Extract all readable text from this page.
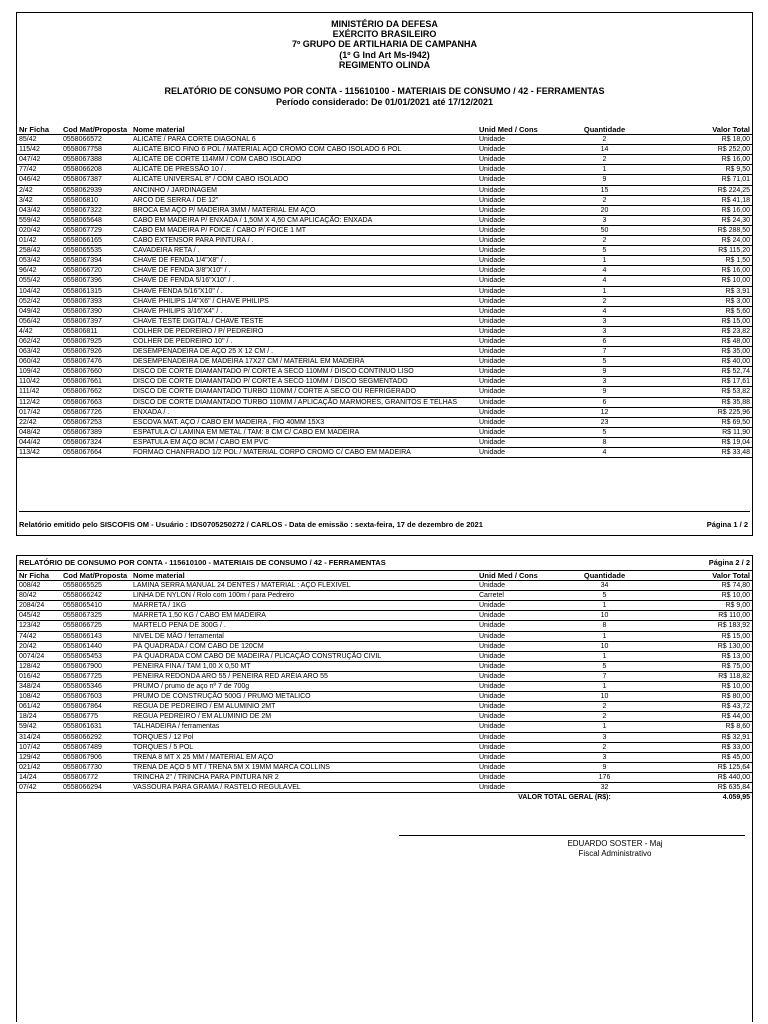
MINISTÉRIO DA DEFESA
EXÉRCITO BRASILEIRO
7º GRUPO DE ARTILHARIA DE CAMPANHA
(1º G Ind Art Ms-I942)
REGIMENTO OLINDA
RELATÓRIO DE CONSUMO POR CONTA - 115610100 - MATERIAIS DE CONSUMO / 42 - FERRAMENTAS
Período considerado: De 01/01/2021 até 17/12/2021
Nr Ficha	Cod Mat/Proposta	Nome material	Unid Med / Cons	Quantidade	Valor Total
85/42	0558066572	ALICATE / PARA CORTE DIAGONAL 6	Unidade	2	R$ 18,00
115/42	0558067758	ALICATE BICO FINO 6 POL / MATERIAL AÇO CROMO COM CABO ISOLADO 6 POL	Unidade	14	R$ 252,00
047/42	0558067388	ALICATE DE CORTE 114MM / COM CABO ISOLADO	Unidade	2	R$ 16,00
77/42	0558066208	ALICATE DE PRESSÃO 10 / .	Unidade	1	R$ 9,50
046/42	0558067387	ALICATE UNIVERSAL 8" / COM CABO ISOLADO	Unidade	9	R$ 71,01
2/42	0558062939	ANCINHO / JARDINAGEM	Unidade	15	R$ 224,25
3/42	055806810	ARCO DE SERRA / DE 12"	Unidade	2	R$ 41,18
043/42	0558067322	BROCA EM AÇO P/ MADEIRA 3MM / MATERIAL EM AÇO	Unidade	20	R$ 16,00
559/42	0558065648	CABO EM MADEIRA P/ ENXADA / 1,50M X 4,50 CM APLICAÇÃO: ENXADA	Unidade	3	R$ 24,30
020/42	0558067729	CABO EM MADEIRA P/ FOICE / CABO P/ FOICE 1 MT	Unidade	50	R$ 288,50
01/42	0558066165	CABO EXTENSOR PARA PINTURA / .	Unidade	2	R$ 24,00
258/42	0558065535	CAVADEIRA RETA / .	Unidade	5	R$ 115,20
053/42	0558067394	CHAVE DE FENDA 1/4"X8" / .	Unidade	1	R$ 1,50
96/42	0558066720	CHAVE DE FENDA 3/8"X10" / .	Unidade	4	R$ 16,00
055/42	0558067396	CHAVE DE FENDA 5/16"X10" / .	Unidade	4	R$ 10,00
104/42	0558061315	CHAVE FENDA 5/16"X10" / .	Unidade	1	R$ 3,91
052/42	0558067393	CHAVE PHILIPS 1/4"X6" / CHAVE PHILIPS	Unidade	2	R$ 3,00
049/42	0558067390	CHAVE PHILIPS 3/16"X4" / .	Unidade	4	R$ 5,60
056/42	0558067397	CHAVE TESTE DIGITAL / CHAVE TESTE	Unidade	3	R$ 15,00
4/42	055806811	COLHER DE PEDREIRO / P/ PEDREIRO	Unidade	3	R$ 23,82
062/42	0558067925	COLHER DE PEDREIRO 10" / .	Unidade	6	R$ 48,00
063/42	0558067926	DESEMPENADEIRA DE AÇO 25 X 12 CM / .	Unidade	7	R$ 35,00
060/42	0558067476	DESEMPENADEIRA DE MADEIRA 17X27 CM / MATERIAL EM MADEIRA	Unidade	5	R$ 40,00
109/42	0558067660	DISCO DE CORTE DIAMANTADO P/ CORTE A SECO 110MM / DISCO CONTINUO LISO	Unidade	9	R$ 52,74
110/42	0558067661	DISCO DE CORTE DIAMANTADO P/ CORTE A SECO 110MM / DISCO SEGMENTADO	Unidade	3	R$ 17,61
111/42	0558067662	DISCO DE CORTE DIAMANTADO TURBO 110MM / CORTE A SECO OU REFRIGERADO	Unidade	9	R$ 53,82
112/42	0558067663	DISCO DE CORTE DIAMANTADO TURBO 110MM / APLICAÇÃO MARMORES, GRANITOS E TELHAS	Unidade	6	R$ 35,88
017/42	0558067726	ENXADA / .	Unidade	12	R$ 225,96
22/42	0558067253	ESCOVA MAT. AÇO / CABO EM MADEIRA , FIO 40MM 15X3	Unidade	23	R$ 69,50
048/42	0558067389	ESPATULA C/ LAMINA EM METAL / TAM: 8 CM C/ CABO EM MADEIRA	Unidade	5	R$ 11,90
044/42	0558067324	ESPATULA EM AÇO 8CM / CABO EM PVC	Unidade	8	R$ 19,04
113/42	0558067664	FORMAO CHANFRADO 1/2 POL / MATERIAL CORPO CROMO C/ CABO EM MADEIRA	Unidade	4	R$ 33,48
Relatório emitido pelo SISCOFIS OM - Usuário : IDS0705250272 / CARLOS - Data de emissão : sexta-feira, 17 de dezembro de 2021	Página 1 / 2
RELATÓRIO DE CONSUMO POR CONTA - 115610100 - MATERIAIS DE CONSUMO / 42 - FERRAMENTAS	Página 2 / 2
Nr Ficha	Cod Mat/Proposta	Nome material	Unid Med / Cons	Quantidade	Valor Total
008/42	0558065525	LAMINA SERRA MANUAL 24 DENTES / MATERIAL : AÇO FLEXIVEL	Unidade	34	R$ 74,80
80/42	0558066242	LINHA DE NYLON / Rolo com 100m / para Pedreiro	Carretel	5	R$ 10,00
2084/24	0558065410	MARRETA / 1KG	Unidade	1	R$ 9,00
045/42	0558067325	MARRETA 1,50 KG / CABO EM MADEIRA	Unidade	10	R$ 110,00
123/42	0558066725	MARTELO PENA DE 300G / .	Unidade	8	R$ 183,92
74/42	0558066143	NIVEL DE MÃO / ferramental	Unidade	1	R$ 15,00
20/42	0558061440	PÁ QUADRADA / COM CABO DE 120CM	Unidade	10	R$ 130,00
0074/24	0558065453	PÁ QUADRADA COM CABO DE MADEIRA / PLICAÇÃO CONSTRUÇÃO CIVIL	Unidade	1	R$ 13,00
128/42	0558067900	PENEIRA FINA / TAM 1,00 X 0,50 MT	Unidade	5	R$ 75,00
016/42	0558067725	PENEIRA REDONDA ARO 55 / PENEIRA RED ARÉIA ARO 55	Unidade	7	R$ 118,82
348/24	0558065346	PRUMO / prumo de aço nº 7 de 700g	Unidade	1	R$ 10,00
108/42	0558067603	PRUMO DE CONSTRUÇÃO 500G / PRUMO METALICO	Unidade	10	R$ 80,00
061/42	0558067864	REGUA DE PEDREIRO / EM ALUMINIO 2MT	Unidade	2	R$ 43,72
18/24	055806775	REGUA PEDREIRO / EM ALUMINIO DE 2M	Unidade	2	R$ 44,00
59/42	0558061631	TALHADEIRA / ferramentas	Unidade	1	R$ 8,60
314/24	0558066292	TORQUES / 12 Pol	Unidade	3	R$ 32,91
107/42	0558067489	TORQUES / 5 POL	Unidade	2	R$ 33,00
129/42	0558067906	TRENA 8 MT X 25 MM / MATERIAL EM AÇO	Unidade	3	R$ 45,00
021/42	0558067730	TRENA DE AÇO 5 MT / TRENA 5M X 19MM MARCA COLLINS	Unidade	9	R$ 125,64
14/24	055806772	TRINCHA 2" / TRINCHA PARA PINTURA NR 2	Unidade	176	R$ 440,00
07/42	0558066294	VASSOURA PARA GRAMA / RASTELO REGULÁVEL	Unidade	32	R$ 635,84
			VALOR TOTAL GERAL (R$):		4.059,95
EDUARDO SOSTER - Maj
Fiscal Administrativo
